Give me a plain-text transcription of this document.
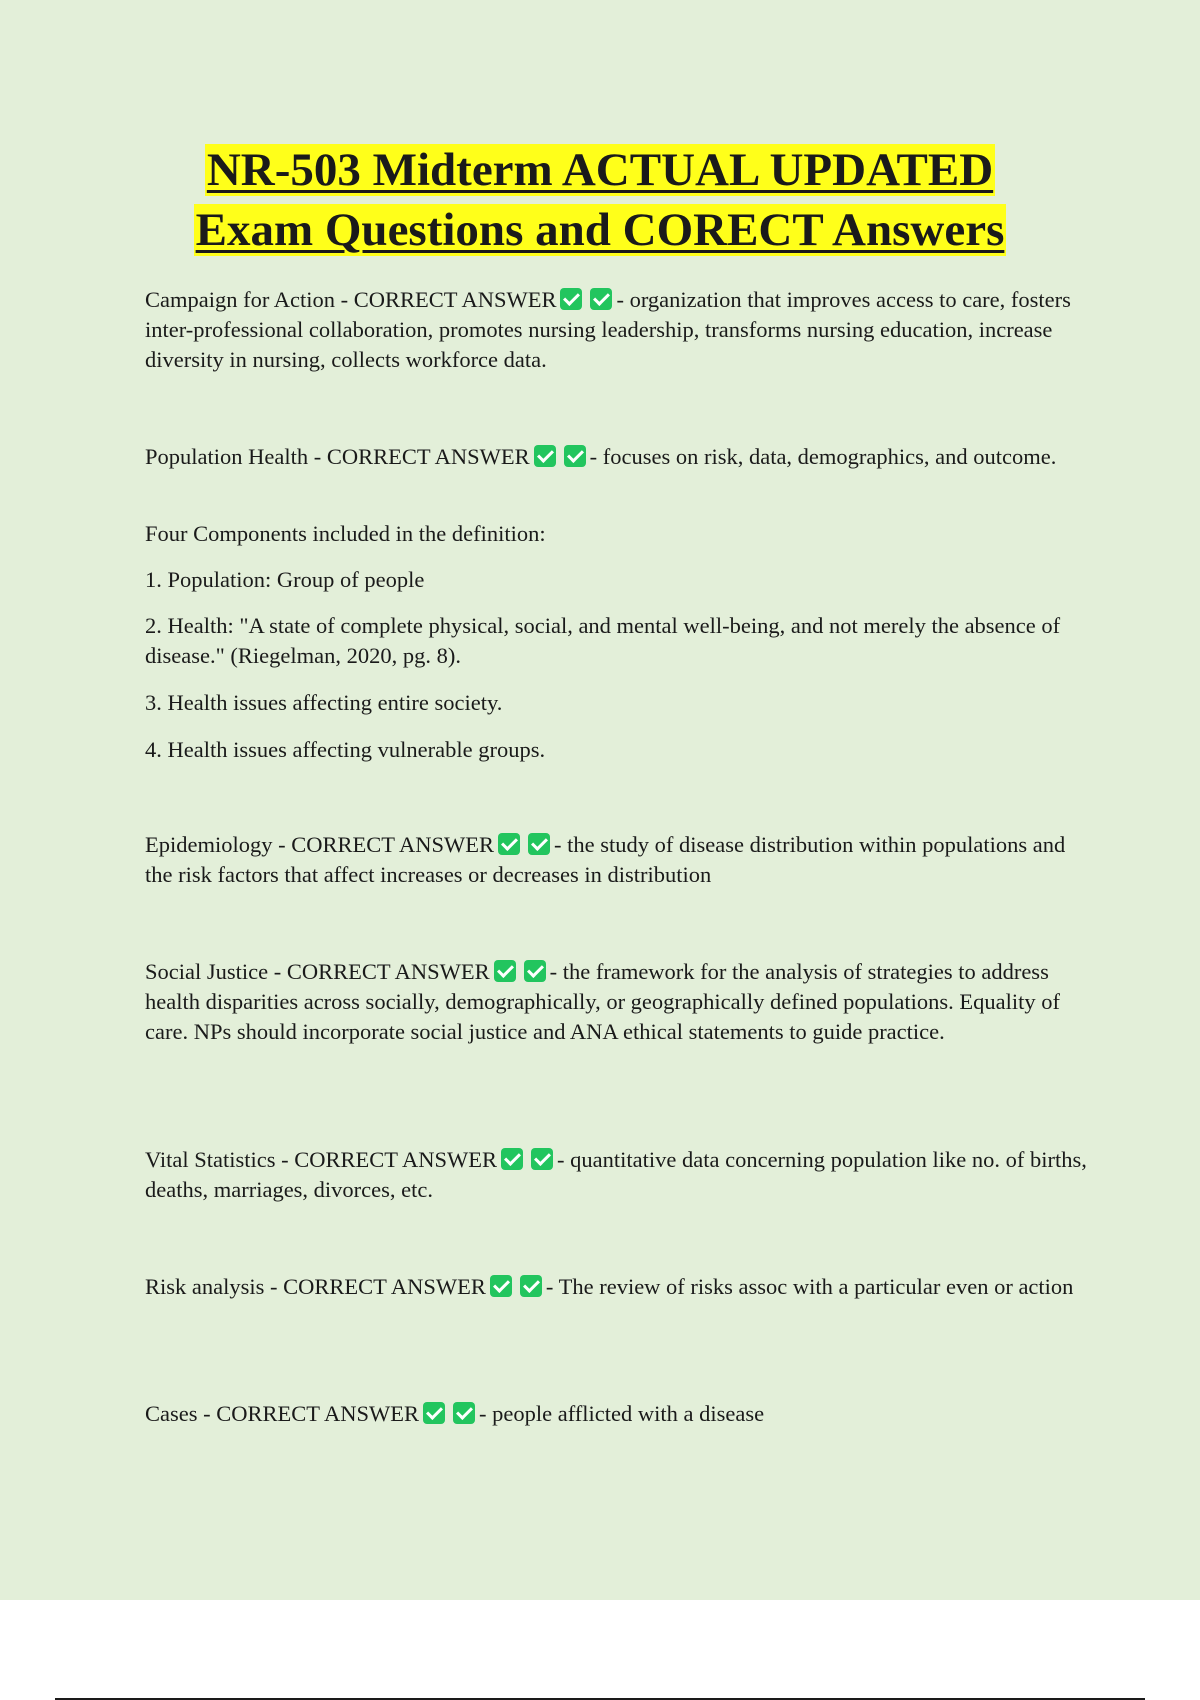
NR-503 Midterm ACTUAL UPDATED
Exam Questions and CORECT Answers

Campaign for Action - CORRECT ANSWER	- organization that improves access to care, fosters inter-professional collaboration, promotes nursing leadership, transforms nursing education, increase diversity in nursing, collects workforce data.

Population Health - CORRECT ANSWER	- focuses on risk, data, demographics, and outcome.

Four Components included in the definition:

1. Population: Group of people

2. Health: "A state of complete physical, social, and mental well-being, and not merely the absence of disease." (Riegelman, 2020, pg. 8).

3. Health issues affecting entire society.

4. Health issues affecting vulnerable groups.

Epidemiology - CORRECT ANSWER	- the study of disease distribution within populations and the risk factors that affect increases or decreases in distribution

Social Justice - CORRECT ANSWER	- the framework for the analysis of strategies to address health disparities across socially, demographically, or geographically defined populations. Equality of care. NPs should incorporate social justice and ANA ethical statements to guide practice.

Vital Statistics - CORRECT ANSWER	- quantitative data concerning population like no. of births, deaths, marriages, divorces, etc.

Risk analysis - CORRECT ANSWER	- The review of risks assoc with a particular even or action

Cases - CORRECT ANSWER	- people afflicted with a disease
